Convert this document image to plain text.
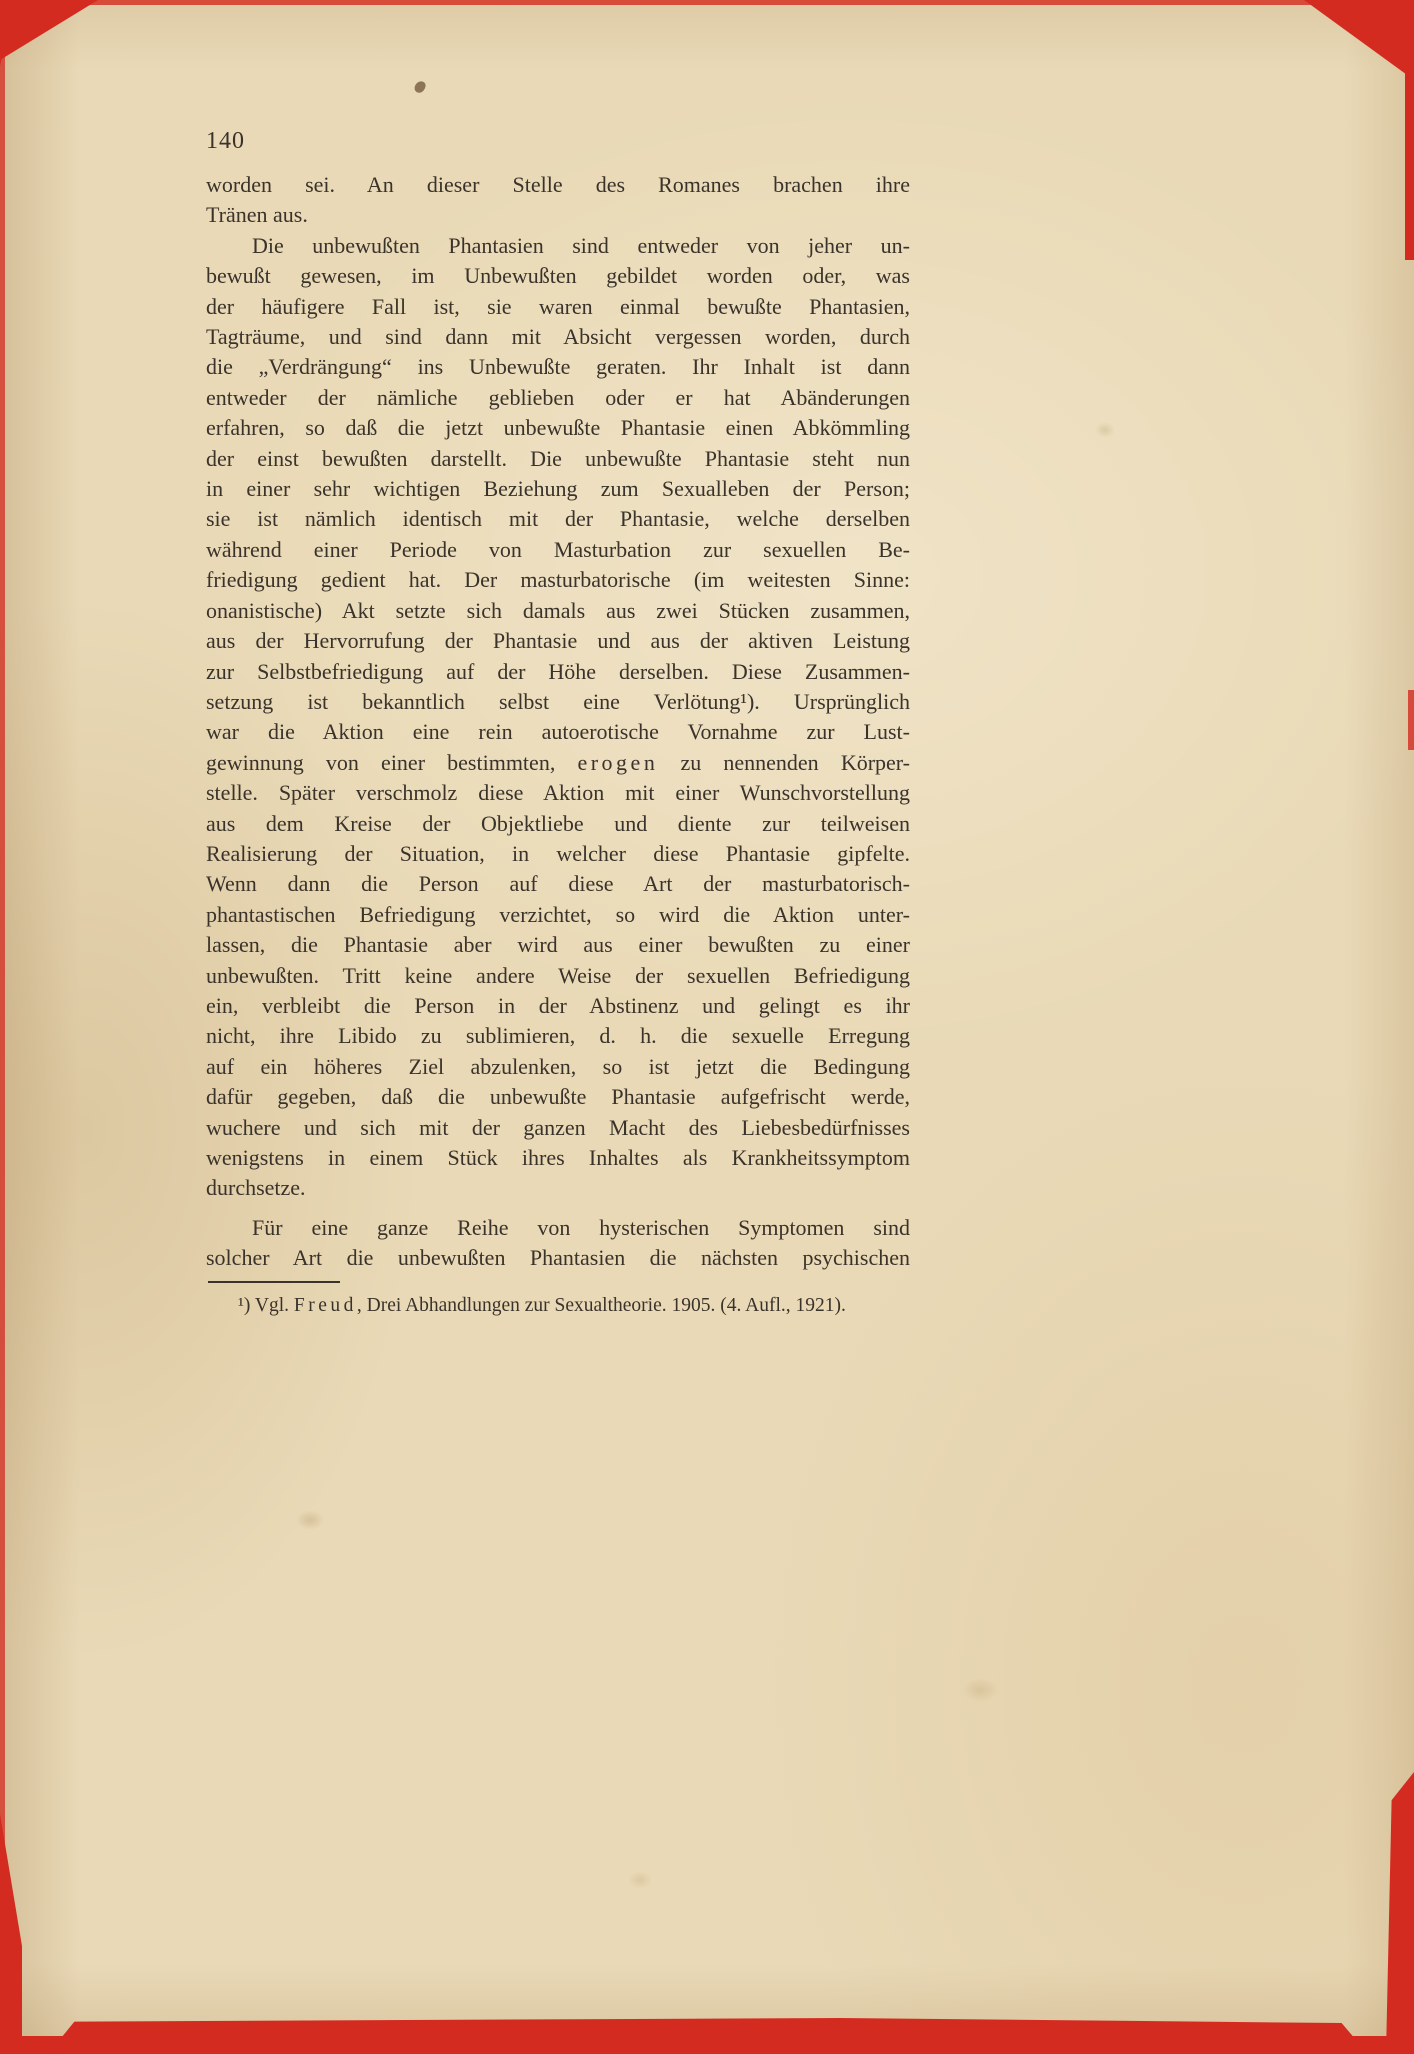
140
worden sei. An dieser Stelle des Romanes brachen ihre
Tränen aus.
Die unbewußten Phantasien sind entweder von jeher un-
bewußt gewesen, im Unbewußten gebildet worden oder, was
der häufigere Fall ist, sie waren einmal bewußte Phantasien,
Tagträume, und sind dann mit Absicht vergessen worden, durch
die „Verdrängung“ ins Unbewußte geraten. Ihr Inhalt ist dann
entweder der nämliche geblieben oder er hat Abänderungen
erfahren, so daß die jetzt unbewußte Phantasie einen Abkömmling
der einst bewußten darstellt. Die unbewußte Phantasie steht nun
in einer sehr wichtigen Beziehung zum Sexualleben der Person;
sie ist nämlich identisch mit der Phantasie, welche derselben
während einer Periode von Masturbation zur sexuellen Be-
friedigung gedient hat. Der masturbatorische (im weitesten Sinne:
onanistische) Akt setzte sich damals aus zwei Stücken zusammen,
aus der Hervorrufung der Phantasie und aus der aktiven Leistung
zur Selbstbefriedigung auf der Höhe derselben. Diese Zusammen-
setzung ist bekanntlich selbst eine Verlötung¹). Ursprünglich
war die Aktion eine rein autoerotische Vornahme zur Lust-
gewinnung von einer bestimmten, erogen zu nennenden Körper-
stelle. Später verschmolz diese Aktion mit einer Wunschvorstellung
aus dem Kreise der Objektliebe und diente zur teilweisen
Realisierung der Situation, in welcher diese Phantasie gipfelte.
Wenn dann die Person auf diese Art der masturbatorisch-
phantastischen Befriedigung verzichtet, so wird die Aktion unter-
lassen, die Phantasie aber wird aus einer bewußten zu einer
unbewußten. Tritt keine andere Weise der sexuellen Befriedigung
ein, verbleibt die Person in der Abstinenz und gelingt es ihr
nicht, ihre Libido zu sublimieren, d. h. die sexuelle Erregung
auf ein höheres Ziel abzulenken, so ist jetzt die Bedingung
dafür gegeben, daß die unbewußte Phantasie aufgefrischt werde,
wuchere und sich mit der ganzen Macht des Liebesbedürfnisses
wenigstens in einem Stück ihres Inhaltes als Krankheitssymptom
durchsetze.
Für eine ganze Reihe von hysterischen Symptomen sind
solcher Art die unbewußten Phantasien die nächsten psychischen
¹) Vgl. Freud, Drei Abhandlungen zur Sexualtheorie. 1905. (4. Aufl., 1921).
